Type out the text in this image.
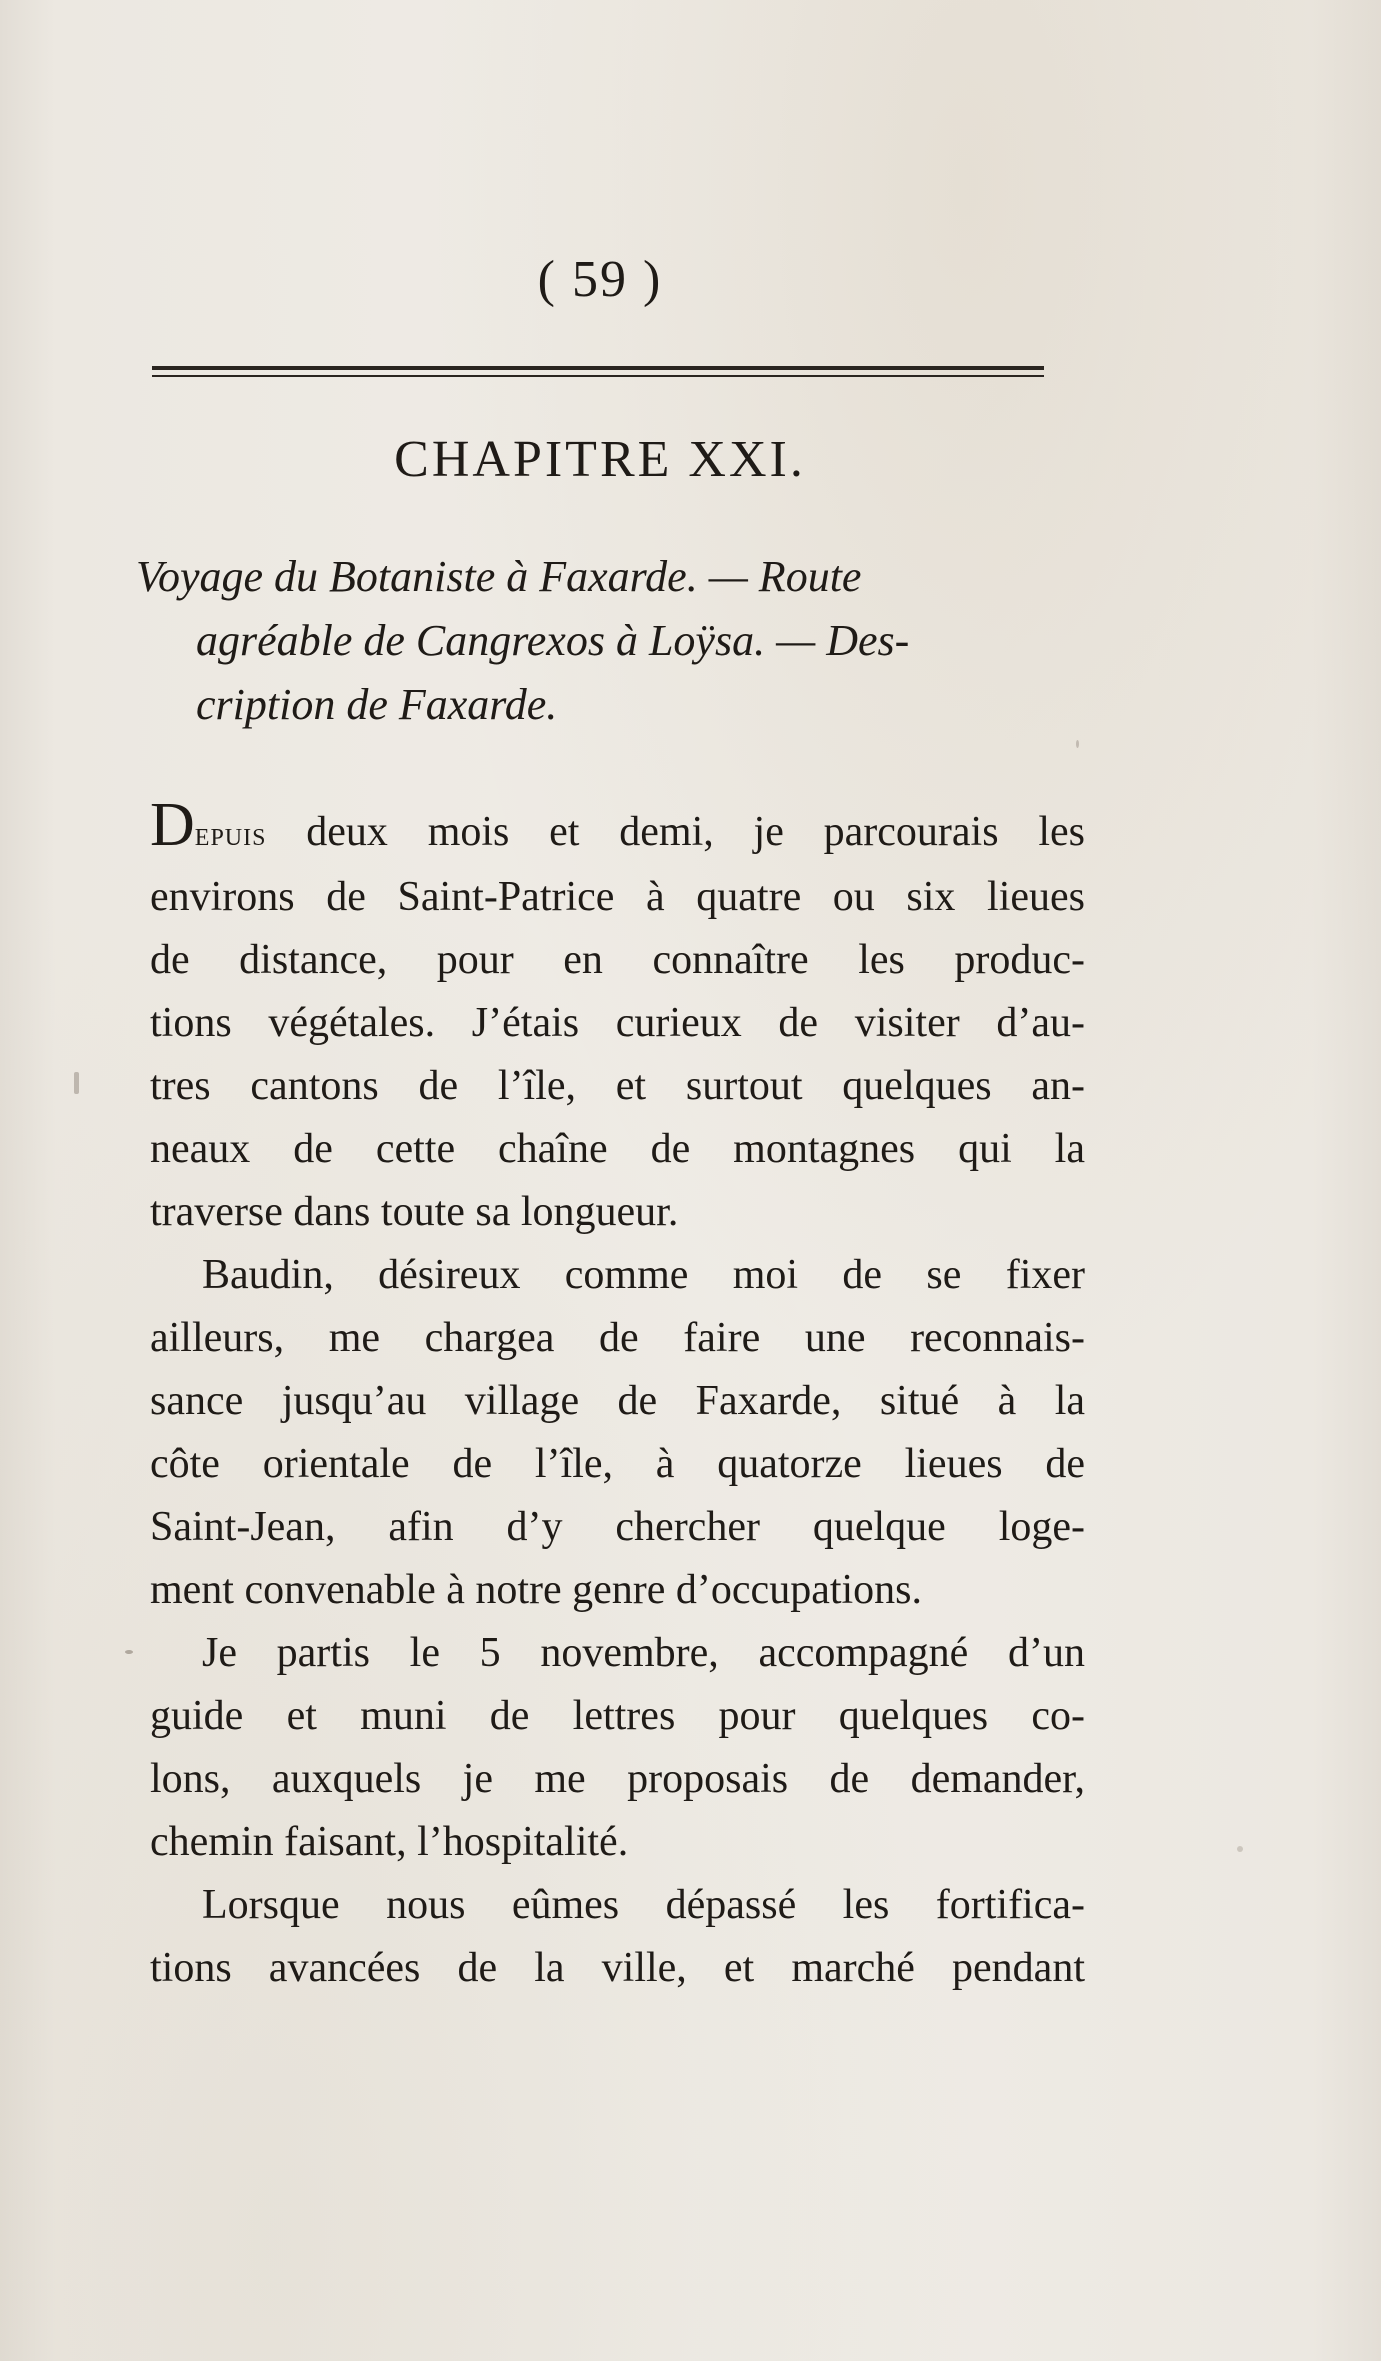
( 59 )
CHAPITRE XXI.
Voyage du Botaniste à Faxarde. — Route
agréable de Cangrexos à Loÿsa. — Des-
cription de Faxarde.
Depuis deux mois et demi, je parcourais les
environs de Saint-Patrice à quatre ou six lieues
de distance, pour en connaître les produc-
tions végétales. J’étais curieux de visiter d’au-
tres cantons de l’île, et surtout quelques an-
neaux de cette chaîne de montagnes qui la
traverse dans toute sa longueur.
Baudin, désireux comme moi de se fixer
ailleurs, me chargea de faire une reconnais-
sance jusqu’au village de Faxarde, situé à la
côte orientale de l’île, à quatorze lieues de
Saint-Jean, afin d’y chercher quelque loge-
ment convenable à notre genre d’occupations.
Je partis le 5 novembre, accompagné d’un
guide et muni de lettres pour quelques co-
lons, auxquels je me proposais de demander,
chemin faisant, l’hospitalité.
Lorsque nous eûmes dépassé les fortifica-
tions avancées de la ville, et marché pendant
